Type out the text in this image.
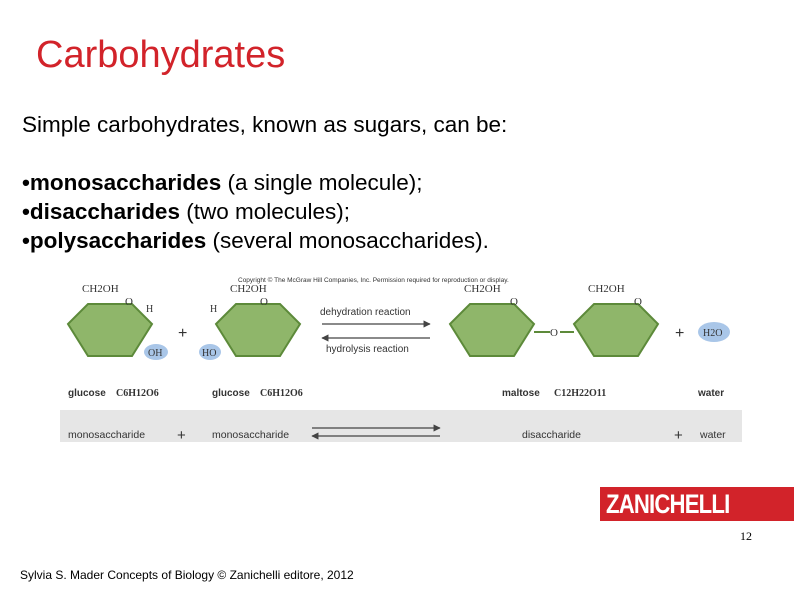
Carbohydrates

Simple carbohydrates, known as sugars, can be:

•monosaccharides (a single molecule);

•disaccharides (two molecules);

•polysaccharides (several monosaccharides).

Copyright © The McGraw Hill Companies, Inc. Permission required for reproduction or display.
CH2OH
O
H
OH
+
CH2OH
O
H
HO
dehydration reaction
hydrolysis reaction
O
CH2OH
O
CH2OH
O
+ H2O
glucose C6H12O6	glucose C6H12O6	maltose C12H22O11	water
monosaccharide + monosaccharide	disaccharide	+ water
ZANICHELLI
12
Sylvia S. Mader Concepts of Biology © Zanichelli editore, 2012
